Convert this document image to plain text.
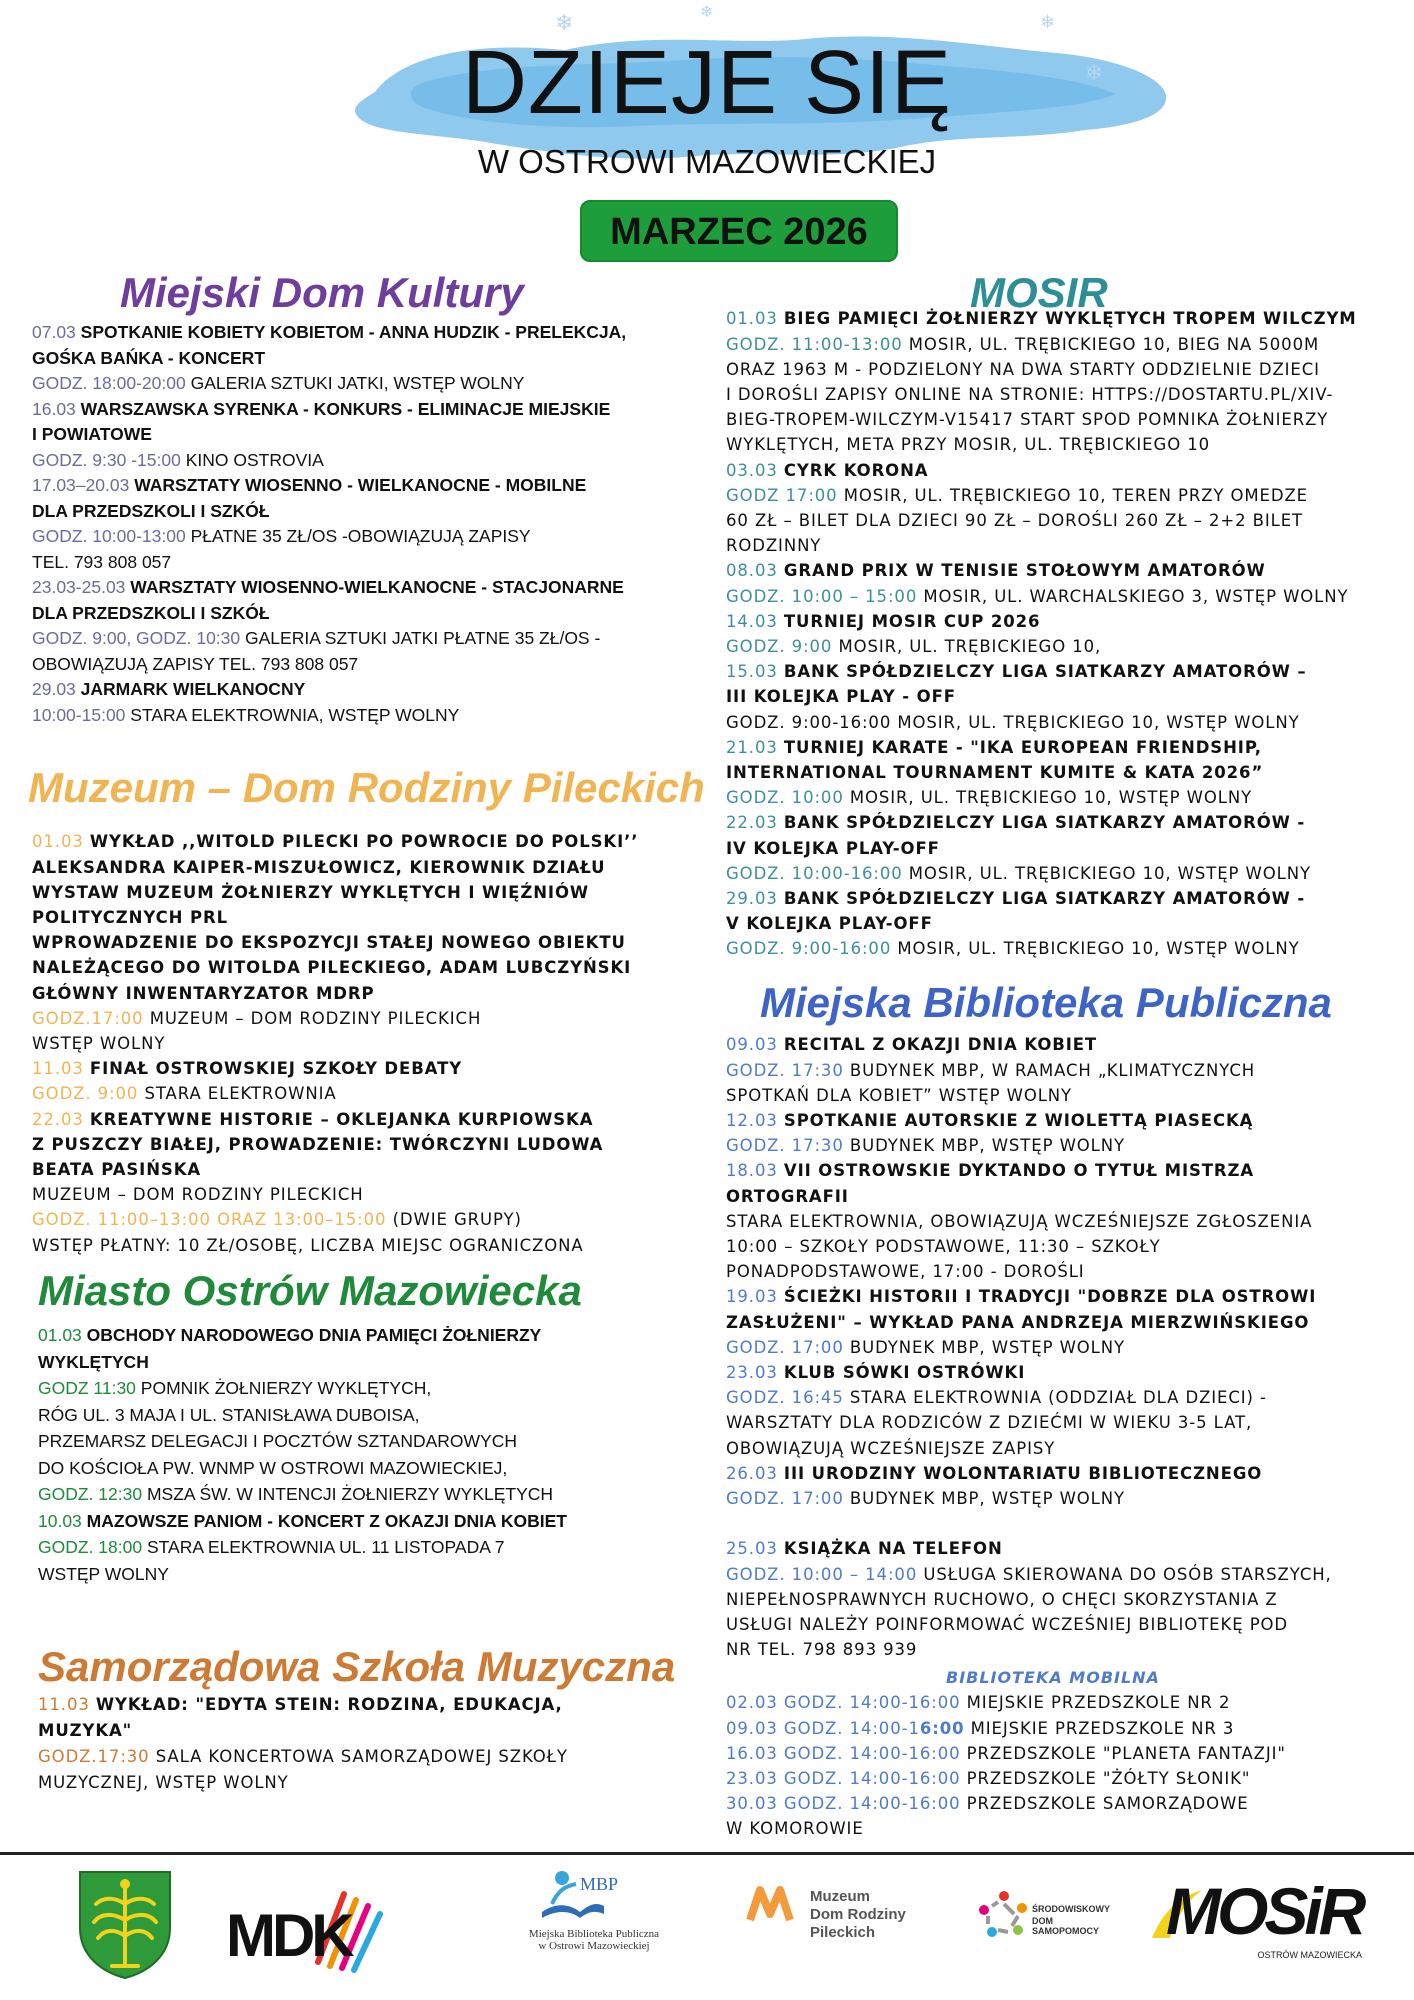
❄
❄
❄	❄
DZIEJE SIĘ
W OSTROWI MAZOWIECKIEJ
MARZEC 2026
Miejski Dom Kultury
07.03 SPOTKANIE KOBIETY KOBIETOM - ANNA HUDZIK - PRELEKCJA,
GOŚKA BAŃKA - KONCERT
GODZ. 18:00-20:00 GALERIA SZTUKI JATKI, WSTĘP WOLNY
16.03 WARSZAWSKA SYRENKA - KONKURS - ELIMINACJE MIEJSKIE
I POWIATOWE
GODZ. 9:30 -15:00 KINO OSTROVIA
17.03–20.03 WARSZTATY WIOSENNO - WIELKANOCNE - MOBILNE
DLA PRZEDSZKOLI I SZKÓŁ
GODZ. 10:00-13:00 PŁATNE 35 ZŁ/OS -OBOWIĄZUJĄ ZAPISY
TEL. 793 808 057
23.03-25.03 WARSZTATY WIOSENNO-WIELKANOCNE - STACJONARNE
DLA PRZEDSZKOLI I SZKÓŁ
GODZ. 9:00, GODZ. 10:30 GALERIA SZTUKI JATKI PŁATNE 35 ZŁ/OS -
OBOWIĄZUJĄ ZAPISY TEL. 793 808 057
29.03 JARMARK WIELKANOCNY
10:00-15:00 STARA ELEKTROWNIA, WSTĘP WOLNY
Muzeum – Dom Rodziny Pileckich
01.03 WYKŁAD ,,WITOLD PILECKI PO POWROCIE DO POLSKI’’
ALEKSANDRA KAIPER-MISZUŁOWICZ, KIEROWNIK DZIAŁU
WYSTAW MUZEUM ŻOŁNIERZY WYKLĘTYCH I WIĘŹNIÓW
POLITYCZNYCH PRL
WPROWADZENIE DO EKSPOZYCJI STAŁEJ NOWEGO OBIEKTU
NALEŻĄCEGO DO WITOLDA PILECKIEGO, ADAM LUBCZYŃSKI
GŁÓWNY INWENTARYZATOR MDRP
GODZ.17:00 MUZEUM – DOM RODZINY PILECKICH
WSTĘP WOLNY
11.03 FINAŁ OSTROWSKIEJ SZKOŁY DEBATY
GODZ. 9:00 STARA ELEKTROWNIA
22.03 KREATYWNE HISTORIE – OKLEJANKA KURPIOWSKA
Z PUSZCZY BIAŁEJ, PROWADZENIE: TWÓRCZYNI LUDOWA
BEATA PASIŃSKA
MUZEUM – DOM RODZINY PILECKICH
GODZ. 11:00–13:00 ORAZ 13:00–15:00 (DWIE GRUPY)
WSTĘP PŁATNY: 10 ZŁ/OSOBĘ, LICZBA MIEJSC OGRANICZONA
Miasto Ostrów Mazowiecka
01.03 OBCHODY NARODOWEGO DNIA PAMIĘCI ŻOŁNIERZY
WYKLĘTYCH
GODZ 11:30 POMNIK ŻOŁNIERZY WYKLĘTYCH,
RÓG UL. 3 MAJA I UL. STANISŁAWA DUBOISA,
PRZEMARSZ DELEGACJI I POCZTÓW SZTANDAROWYCH
DO KOŚCIOŁA PW. WNMP W OSTROWI MAZOWIECKIEJ,
GODZ. 12:30 MSZA ŚW. W INTENCJI ŻOŁNIERZY WYKLĘTYCH
10.03 MAZOWSZE PANIOM - KONCERT Z OKAZJI DNIA KOBIET
GODZ. 18:00 STARA ELEKTROWNIA UL. 11 LISTOPADA 7
WSTĘP WOLNY
Samorządowa Szkoła Muzyczna
11.03 WYKŁAD: "EDYTA STEIN: RODZINA, EDUKACJA,
MUZYKA"
GODZ.17:30 SALA KONCERTOWA SAMORZĄDOWEJ SZKOŁY
MUZYCZNEJ, WSTĘP WOLNY
MOSIR
01.03 BIEG PAMIĘCI ŻOŁNIERZY WYKLĘTYCH TROPEM WILCZYM
GODZ. 11:00-13:00 MOSIR, UL. TRĘBICKIEGO 10, BIEG NA 5000M
ORAZ 1963 M - PODZIELONY NA DWA STARTY ODDZIELNIE DZIECI
I DOROŚLI ZAPISY ONLINE NA STRONIE: HTTPS://DOSTARTU.PL/XIV-
BIEG-TROPEM-WILCZYM-V15417 START SPOD POMNIKA ŻOŁNIERZY
WYKLĘTYCH, META PRZY MOSIR, UL. TRĘBICKIEGO 10
03.03 CYRK KORONA
GODZ 17:00 MOSIR, UL. TRĘBICKIEGO 10, TEREN PRZY OMEDZE
60 ZŁ – BILET DLA DZIECI 90 ZŁ – DOROŚLI 260 ZŁ – 2+2 BILET
RODZINNY
08.03 GRAND PRIX W TENISIE STOŁOWYM AMATORÓW
GODZ. 10:00 – 15:00 MOSIR, UL. WARCHALSKIEGO 3, WSTĘP WOLNY
14.03 TURNIEJ MOSIR CUP 2026
GODZ. 9:00 MOSIR, UL. TRĘBICKIEGO 10,
15.03 BANK SPÓŁDZIELCZY LIGA SIATKARZY AMATORÓW –
III KOLEJKA PLAY - OFF
GODZ. 9:00-16:00 MOSIR, UL. TRĘBICKIEGO 10, WSTĘP WOLNY
21.03 TURNIEJ KARATE - "IKA EUROPEAN FRIENDSHIP,
INTERNATIONAL TOURNAMENT KUMITE & KATA 2026”
GODZ. 10:00 MOSIR, UL. TRĘBICKIEGO 10, WSTĘP WOLNY
22.03 BANK SPÓŁDZIELCZY LIGA SIATKARZY AMATORÓW -
IV KOLEJKA PLAY-OFF
GODZ. 10:00-16:00 MOSIR, UL. TRĘBICKIEGO 10, WSTĘP WOLNY
29.03 BANK SPÓŁDZIELCZY LIGA SIATKARZY AMATORÓW -
V KOLEJKA PLAY-OFF
GODZ. 9:00-16:00 MOSIR, UL. TRĘBICKIEGO 10, WSTĘP WOLNY
Miejska Biblioteka Publiczna
09.03 RECITAL Z OKAZJI DNIA KOBIET
GODZ. 17:30 BUDYNEK MBP, W RAMACH „KLIMATYCZNYCH
SPOTKAŃ DLA KOBIET” WSTĘP WOLNY
12.03 SPOTKANIE AUTORSKIE Z WIOLETTĄ PIASECKĄ
GODZ. 17:30 BUDYNEK MBP, WSTĘP WOLNY
18.03 VII OSTROWSKIE DYKTANDO O TYTUŁ MISTRZA
ORTOGRAFII
STARA ELEKTROWNIA, OBOWIĄZUJĄ WCZEŚNIEJSZE ZGŁOSZENIA
10:00 – SZKOŁY PODSTAWOWE, 11:30 – SZKOŁY
PONADPODSTAWOWE, 17:00 - DOROŚLI
19.03 ŚCIEŻKI HISTORII I TRADYCJI "DOBRZE DLA OSTROWI
ZASŁUŻENI" – WYKŁAD PANA ANDRZEJA MIERZWIŃSKIEGO
GODZ. 17:00 BUDYNEK MBP, WSTĘP WOLNY
23.03 KLUB SÓWKI OSTRÓWKI
GODZ. 16:45 STARA ELEKTROWNIA (ODDZIAŁ DLA DZIECI) -
WARSZTATY DLA RODZICÓW Z DZIEĆMI W WIEKU 3-5 LAT,
OBOWIĄZUJĄ WCZEŚNIEJSZE ZAPISY
26.03 III URODZINY WOLONTARIATU BIBLIOTECZNEGO
GODZ. 17:00 BUDYNEK MBP, WSTĘP WOLNY

25.03 KSIĄŻKA NA TELEFON
GODZ. 10:00 – 14:00 USŁUGA SKIEROWANA DO OSÓB STARSZYCH,
NIEPEŁNOSPRAWNYCH RUCHOWO, O CHĘCI SKORZYSTANIA Z
USŁUGI NALEŻY POINFORMOWAĆ WCZEŚNIEJ BIBLIOTEKĘ POD
NR TEL. 798 893 939
BIBLIOTEKA MOBILNA
02.03 GODZ. 14:00-16:00 MIEJSKIE PRZEDSZKOLE NR 2
09.03 GODZ. 14:00-16:00 MIEJSKIE PRZEDSZKOLE NR 3
16.03 GODZ. 14:00-16:00 PRZEDSZKOLE "PLANETA FANTAZJI"
23.03 GODZ. 14:00-16:00 PRZEDSZKOLE "ŻÓŁTY SŁONIK"
30.03 GODZ. 14:00-16:00 PRZEDSZKOLE SAMORZĄDOWE
W KOMOROWIE
MDK
MBP
Miejska Biblioteka Publiczna
w Ostrowi Mazowieckiej
Muzeum
Dom Rodziny
Pileckich
ŚRODOWISKOWY
DOM SAMOPOMOCY MOSiR
OSTRÓW MAZOWIECKA
